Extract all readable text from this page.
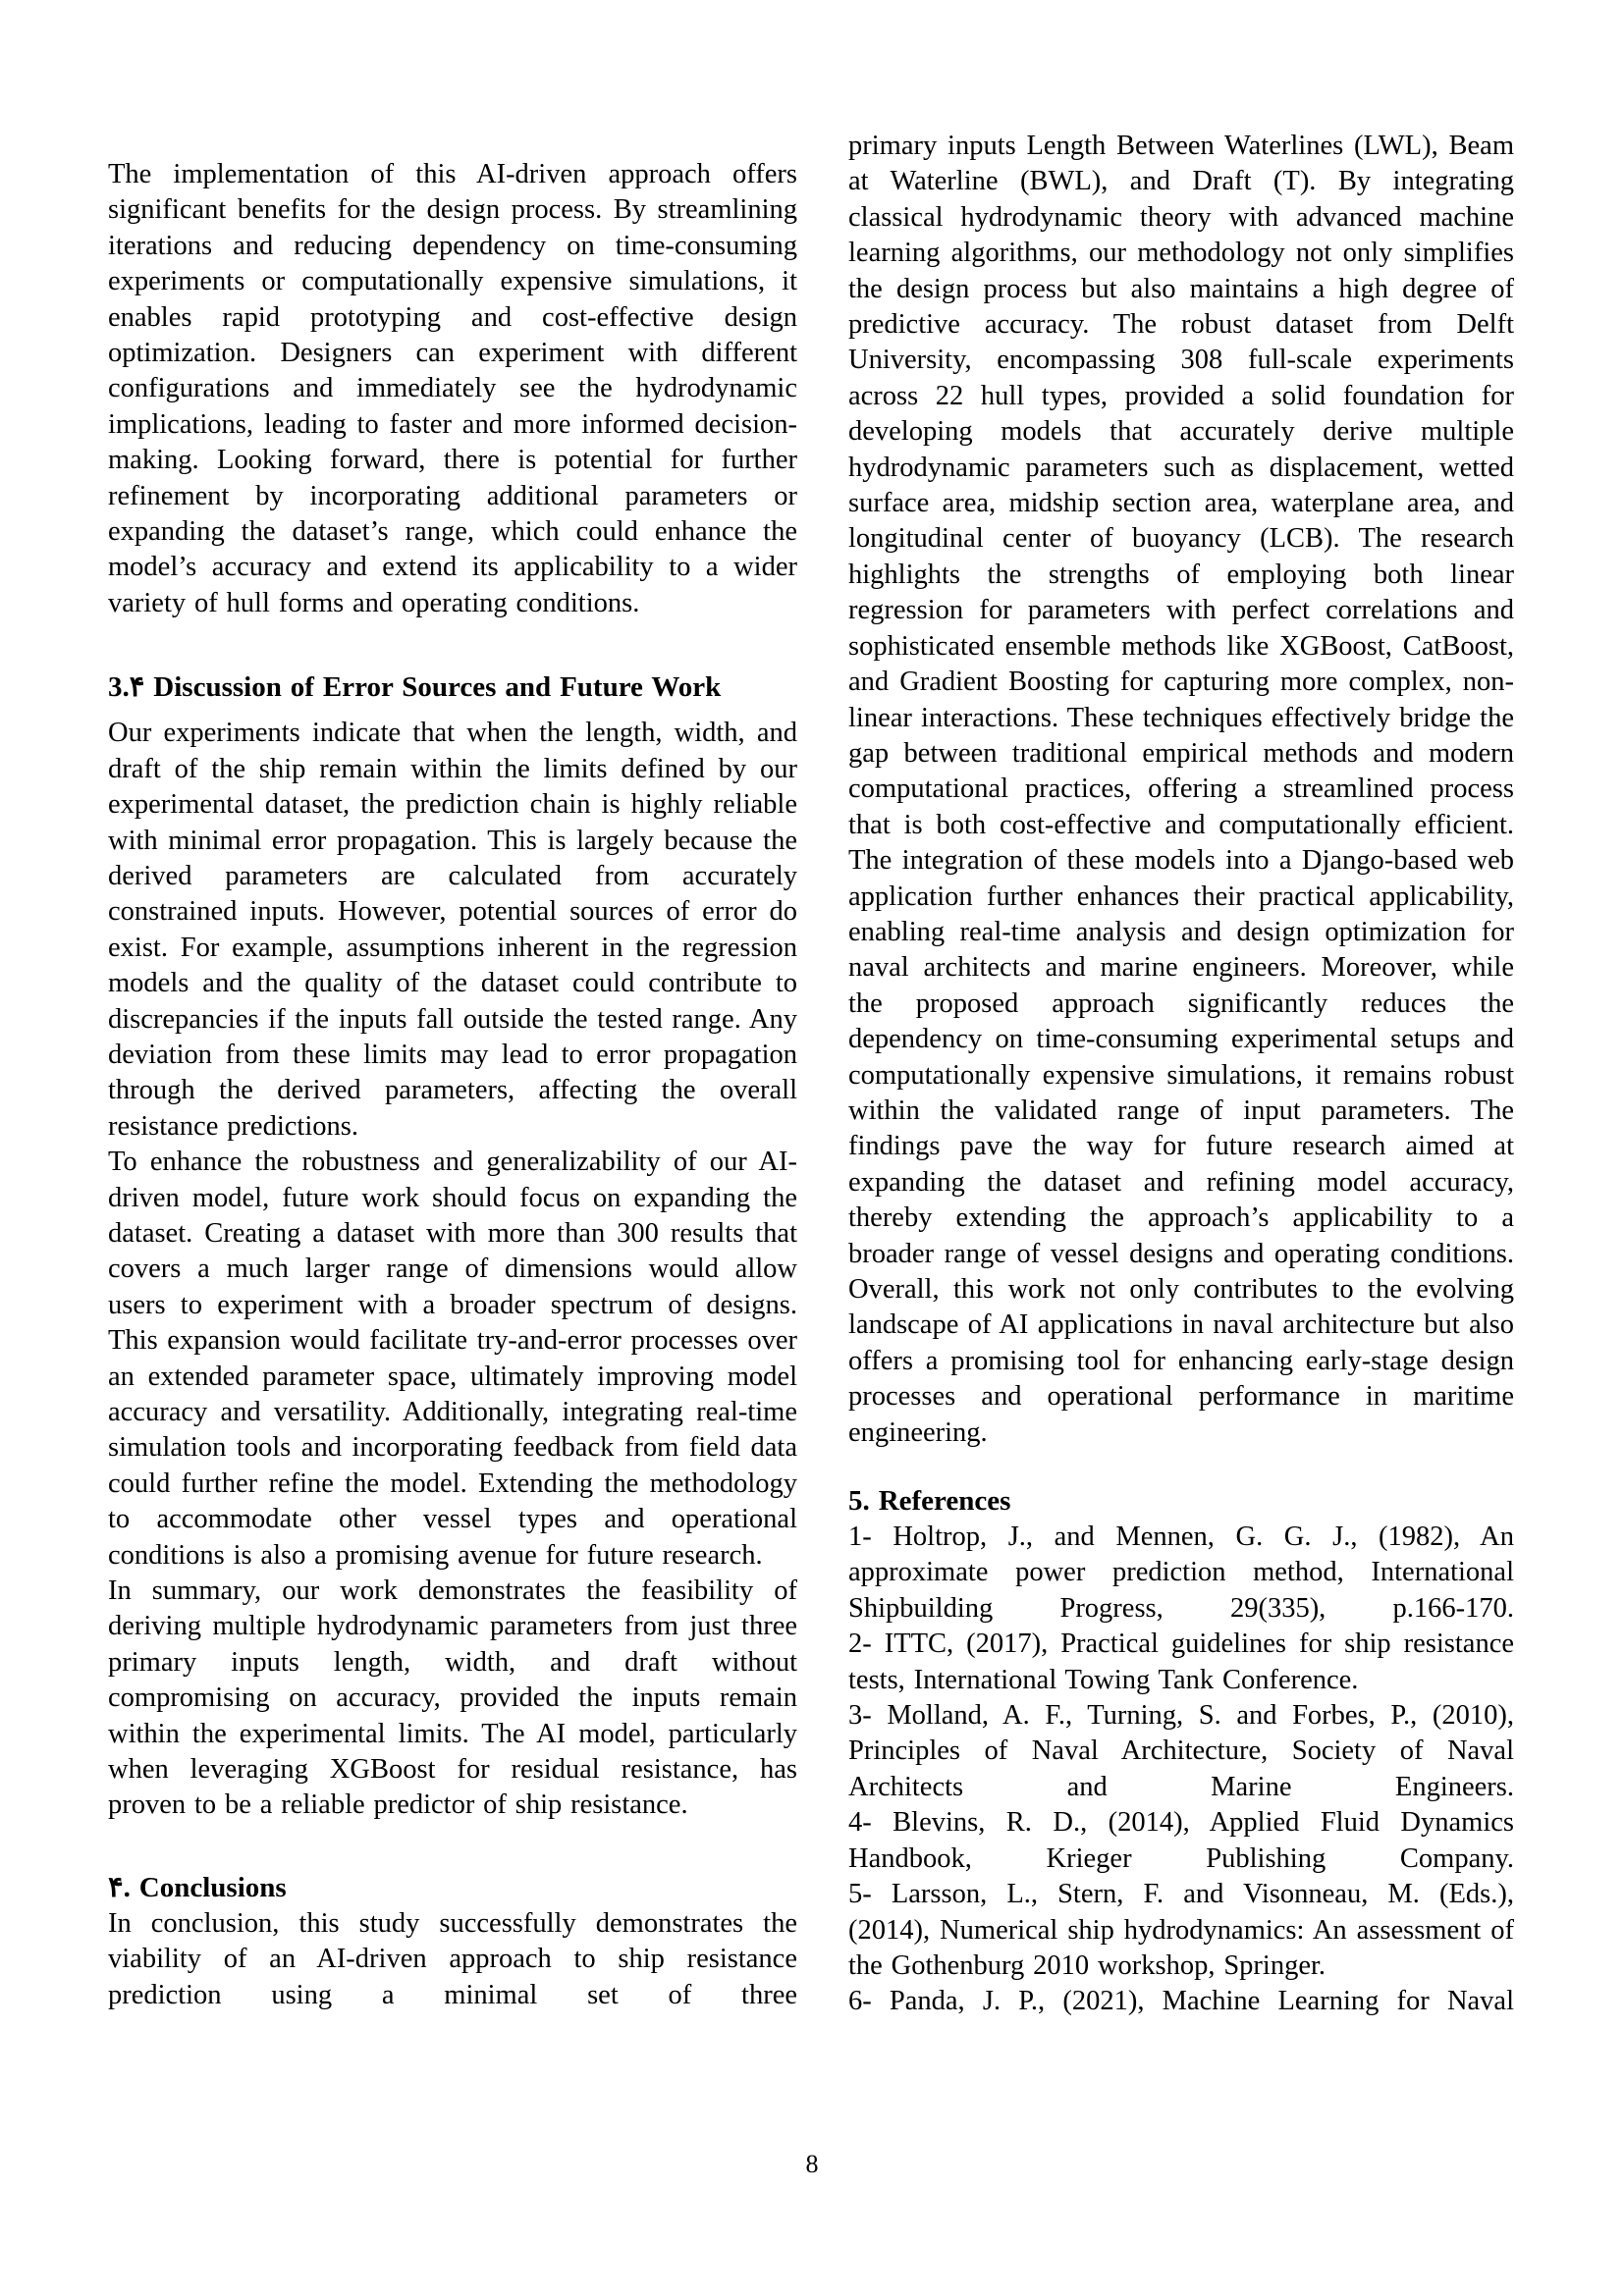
The implementation of this AI-driven approach offers significant benefits for the design process. By streamlining iterations and reducing dependency on time-consuming experiments or computationally expensive simulations, it enables rapid prototyping and cost-effective design optimization. Designers can experiment with different configurations and immediately see the hydrodynamic implications, leading to faster and more informed decision-making. Looking forward, there is potential for further refinement by incorporating additional parameters or expanding the dataset’s range, which could enhance the model’s accuracy and extend its applicability to a wider variety of hull forms and operating conditions.

3.۴ Discussion of Error Sources and Future Work

Our experiments indicate that when the length, width, and draft of the ship remain within the limits defined by our experimental dataset, the prediction chain is highly reliable with minimal error propagation. This is largely because the derived parameters are calculated from accurately constrained inputs. However, potential sources of error do exist. For example, assumptions inherent in the regression models and the quality of the dataset could contribute to discrepancies if the inputs fall outside the tested range. Any deviation from these limits may lead to error propagation through the derived parameters, affecting the overall resistance predictions.

To enhance the robustness and generalizability of our AI-driven model, future work should focus on expanding the dataset. Creating a dataset with more than 300 results that covers a much larger range of dimensions would allow users to experiment with a broader spectrum of designs. This expansion would facilitate try-and-error processes over an extended parameter space, ultimately improving model accuracy and versatility. Additionally, integrating real-time simulation tools and incorporating feedback from field data could further refine the model. Extending the methodology to accommodate other vessel types and operational conditions is also a promising avenue for future research.

In summary, our work demonstrates the feasibility of deriving multiple hydrodynamic parameters from just three primary inputs length, width, and draft without compromising on accuracy, provided the inputs remain within the experimental limits. The AI model, particularly when leveraging XGBoost for residual resistance, has proven to be a reliable predictor of ship resistance.

۴. Conclusions

In conclusion, this study successfully demonstrates the viability of an AI-driven approach to ship resistance prediction using a minimal set of three

primary inputs Length Between Waterlines (LWL), Beam at Waterline (BWL), and Draft (T). By integrating classical hydrodynamic theory with advanced machine learning algorithms, our methodology not only simplifies the design process but also maintains a high degree of predictive accuracy. The robust dataset from Delft University, encompassing 308 full-scale experiments across 22 hull types, provided a solid foundation for developing models that accurately derive multiple hydrodynamic parameters such as displacement, wetted surface area, midship section area, waterplane area, and longitudinal center of buoyancy (LCB). The research highlights the strengths of employing both linear regression for parameters with perfect correlations and sophisticated ensemble methods like XGBoost, CatBoost, and Gradient Boosting for capturing more complex, non-linear interactions. These techniques effectively bridge the gap between traditional empirical methods and modern computational practices, offering a streamlined process that is both cost-effective and computationally efficient. The integration of these models into a Django-based web application further enhances their practical applicability, enabling real-time analysis and design optimization for naval architects and marine engineers. Moreover, while the proposed approach significantly reduces the dependency on time-consuming experimental setups and computationally expensive simulations, it remains robust within the validated range of input parameters. The findings pave the way for future research aimed at expanding the dataset and refining model accuracy, thereby extending the approach’s applicability to a broader range of vessel designs and operating conditions. Overall, this work not only contributes to the evolving landscape of AI applications in naval architecture but also offers a promising tool for enhancing early-stage design processes and operational performance in maritime engineering.

5. References

1- Holtrop, J., and Mennen, G. G. J., (1982), An approximate power prediction method, International Shipbuilding Progress, 29(335), p.166-170.

2- ITTC, (2017), Practical guidelines for ship resistance tests, International Towing Tank Conference.

3- Molland, A. F., Turning, S. and Forbes, P., (2010), Principles of Naval Architecture, Society of Naval Architects and Marine Engineers.

4- Blevins, R. D., (2014), Applied Fluid Dynamics Handbook, Krieger Publishing Company.

5- Larsson, L., Stern, F. and Visonneau, M. (Eds.), (2014), Numerical ship hydrodynamics: An assessment of the Gothenburg 2010 workshop, Springer.

6- Panda, J. P., (2021), Machine Learning for Naval

8
